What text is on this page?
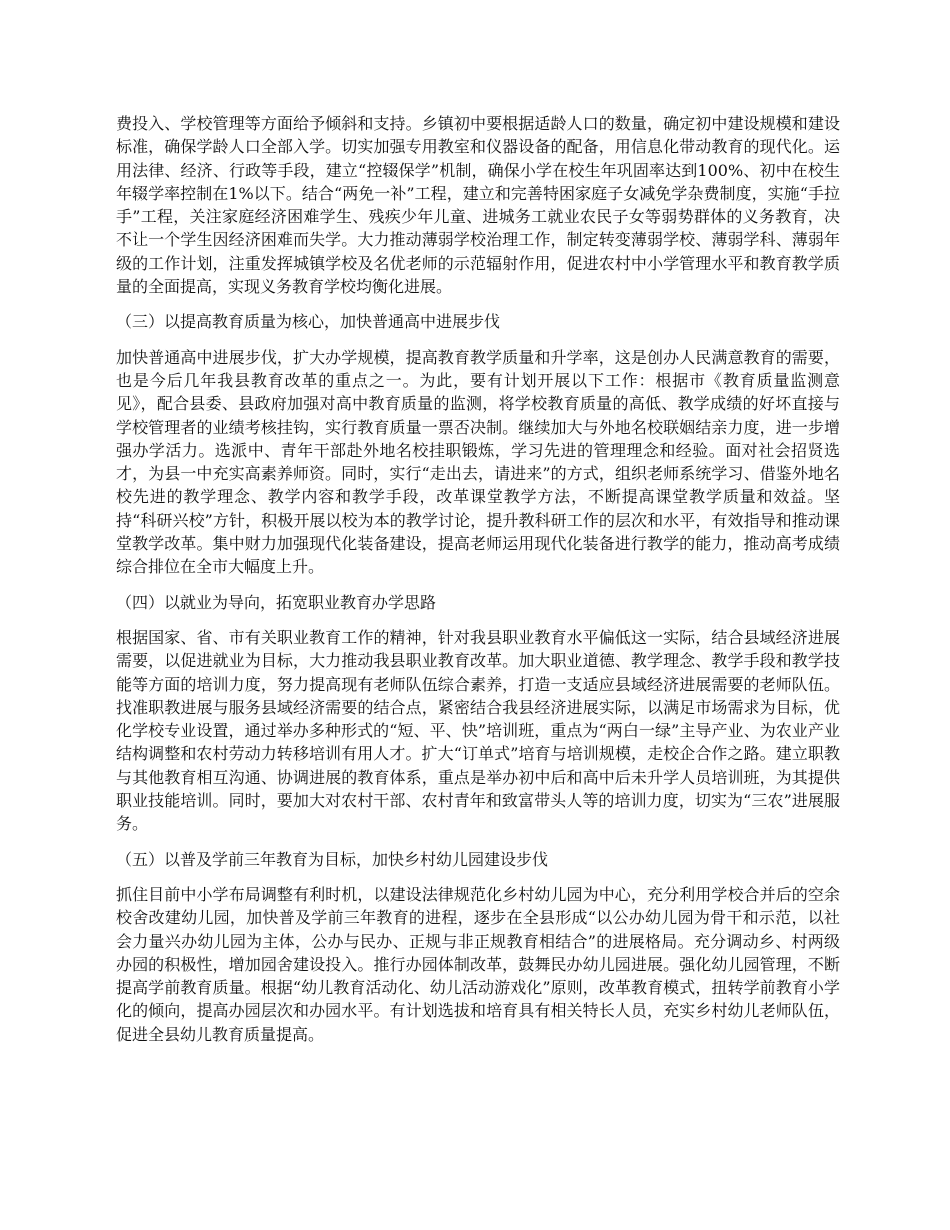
费投入、学校管理等方面给予倾斜和支持。乡镇初中要根据适龄人口的数量，确定初中建设规模和建设标准，确保学龄人口全部入学。切实加强专用教室和仪器设备的配备，用信息化带动教育的现代化。运用法律、经济、行政等手段，建立“控辍保学”机制，确保小学在校生年巩固率达到100%、初中在校生年辍学率控制在1%以下。结合“两免一补”工程，建立和完善特困家庭子女减免学杂费制度，实施“手拉手”工程，关注家庭经济困难学生、残疾少年儿童、进城务工就业农民子女等弱势群体的义务教育，决不让一个学生因经济困难而失学。大力推动薄弱学校治理工作，制定转变薄弱学校、薄弱学科、薄弱年级的工作计划，注重发挥城镇学校及名优老师的示范辐射作用，促进农村中小学管理水平和教育教学质量的全面提高，实现义务教育学校均衡化进展。

（三）以提高教育质量为核心，加快普通高中进展步伐

加快普通高中进展步伐，扩大办学规模，提高教育教学质量和升学率，这是创办人民满意教育的需要，也是今后几年我县教育改革的重点之一。为此，要有计划开展以下工作：根据市《教育质量监测意见》，配合县委、县政府加强对高中教育质量的监测，将学校教育质量的高低、教学成绩的好坏直接与学校管理者的业绩考核挂钩，实行教育质量一票否决制。继续加大与外地名校联姻结亲力度，进一步增强办学活力。选派中、青年干部赴外地名校挂职锻炼，学习先进的管理理念和经验。面对社会招贤选才，为县一中充实高素养师资。同时，实行“走出去，请进来”的方式，组织老师系统学习、借鉴外地名校先进的教学理念、教学内容和教学手段，改革课堂教学方法，不断提高课堂教学质量和效益。坚持“科研兴校”方针，积极开展以校为本的教学讨论，提升教科研工作的层次和水平，有效指导和推动课堂教学改革。集中财力加强现代化装备建设，提高老师运用现代化装备进行教学的能力，推动高考成绩综合排位在全市大幅度上升。

（四）以就业为导向，拓宽职业教育办学思路

根据国家、省、市有关职业教育工作的精神，针对我县职业教育水平偏低这一实际，结合县域经济进展需要，以促进就业为目标，大力推动我县职业教育改革。加大职业道德、教学理念、教学手段和教学技能等方面的培训力度，努力提高现有老师队伍综合素养，打造一支适应县域经济进展需要的老师队伍。找准职教进展与服务县域经济需要的结合点，紧密结合我县经济进展实际，以满足市场需求为目标，优化学校专业设置，通过举办多种形式的“短、平、快”培训班，重点为“两白一绿”主导产业、为农业产业结构调整和农村劳动力转移培训有用人才。扩大“订单式”培育与培训规模，走校企合作之路。建立职教与其他教育相互沟通、协调进展的教育体系，重点是举办初中后和高中后未升学人员培训班，为其提供职业技能培训。同时，要加大对农村干部、农村青年和致富带头人等的培训力度，切实为“三农”进展服务。

（五）以普及学前三年教育为目标，加快乡村幼儿园建设步伐

抓住目前中小学布局调整有利时机，以建设法律规范化乡村幼儿园为中心，充分利用学校合并后的空余校舍改建幼儿园，加快普及学前三年教育的进程，逐步在全县形成“以公办幼儿园为骨干和示范，以社会力量兴办幼儿园为主体，公办与民办、正规与非正规教育相结合”的进展格局。充分调动乡、村两级办园的积极性，增加园舍建设投入。推行办园体制改革，鼓舞民办幼儿园进展。强化幼儿园管理，不断提高学前教育质量。根据“幼儿教育活动化、幼儿活动游戏化”原则，改革教育模式，扭转学前教育小学化的倾向，提高办园层次和办园水平。有计划选拔和培育具有相关特长人员，充实乡村幼儿老师队伍，促进全县幼儿教育质量提高。
